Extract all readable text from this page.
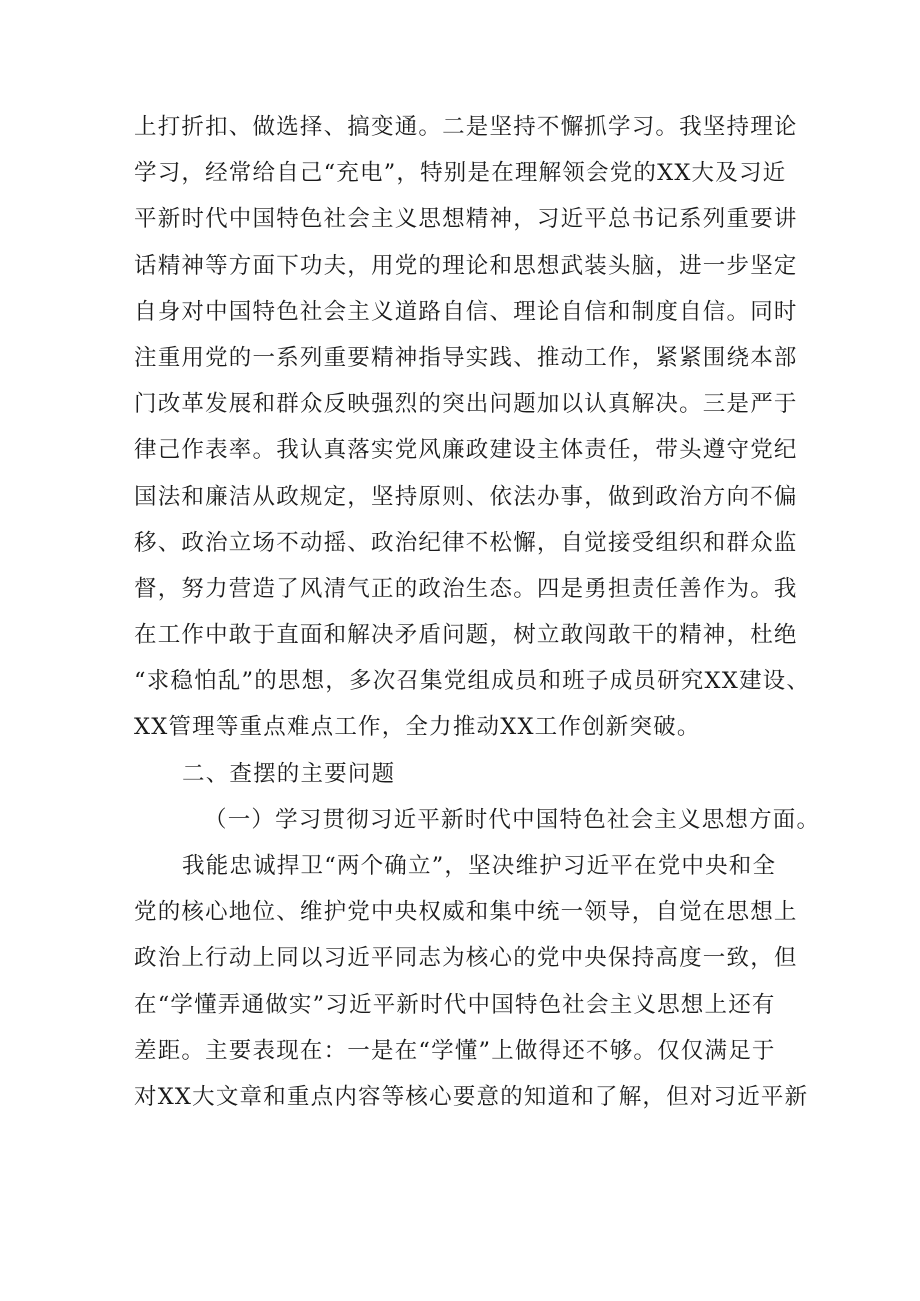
上打折扣、做选择、搞变通。二是坚持不懈抓学习。我坚持理论
学习，经常给自己“充电”，特别是在理解领会党的XX大及习近
平新时代中国特色社会主义思想精神，习近平总书记系列重要讲
话精神等方面下功夫，用党的理论和思想武装头脑，进一步坚定
自身对中国特色社会主义道路自信、理论自信和制度自信。同时
注重用党的一系列重要精神指导实践、推动工作，紧紧围绕本部
门改革发展和群众反映强烈的突出问题加以认真解决。三是严于
律己作表率。我认真落实党风廉政建设主体责任，带头遵守党纪
国法和廉洁从政规定，坚持原则、依法办事，做到政治方向不偏
移、政治立场不动摇、政治纪律不松懈，自觉接受组织和群众监
督，努力营造了风清气正的政治生态。四是勇担责任善作为。我
在工作中敢于直面和解决矛盾问题，树立敢闯敢干的精神，杜绝
“求稳怕乱”的思想，多次召集党组成员和班子成员研究XX建设、
XX管理等重点难点工作，全力推动XX工作创新突破。
二、查摆的主要问题
（一）学习贯彻习近平新时代中国特色社会主义思想方面。
我能忠诚捍卫“两个确立”，坚决维护习近平在党中央和全
党的核心地位、维护党中央权威和集中统一领导，自觉在思想上
政治上行动上同以习近平同志为核心的党中央保持高度一致，但
在“学懂弄通做实”习近平新时代中国特色社会主义思想上还有
差距。主要表现在：一是在“学懂”上做得还不够。仅仅满足于
对XX大文章和重点内容等核心要意的知道和了解，但对习近平新
